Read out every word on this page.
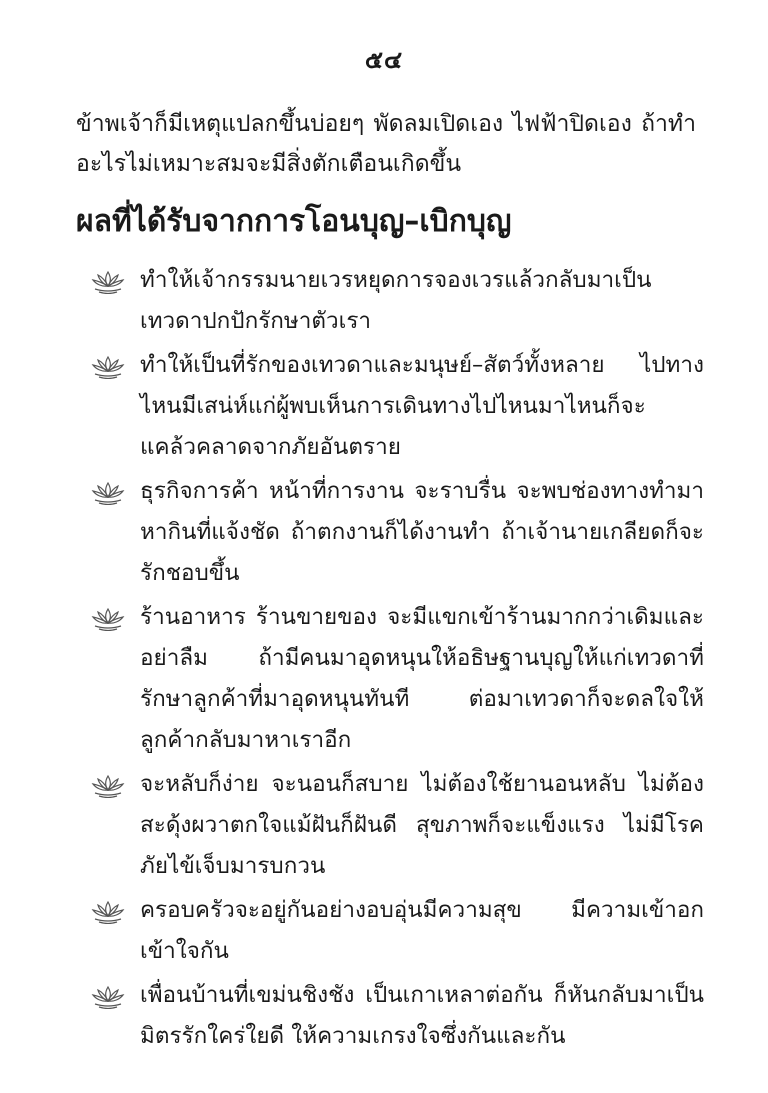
๕๔

ข้าพเจ้าก็มีเหตุแปลกขึ้นบ่อยๆ พัดลมเปิดเอง ไฟฟ้าปิดเอง ถ้าทำอะไรไม่เหมาะสมจะมีสิ่งตักเตือนเกิดขึ้น

ผลที่ได้รับจากการโอนบุญ–เบิกบุญ
ทำให้เจ้ากรรมนายเวรหยุดการจองเวรแล้วกลับมาเป็นเทวดาปกปักรักษาตัวเรา
ทำให้เป็นที่รักของเทวดาและมนุษย์–สัตว์ทั้งหลาย ไปทางไหนมีเสน่ห์แก่ผู้พบเห็นการเดินทางไปไหนมาไหนก็จะแคล้วคลาดจากภัยอันตราย
ธุรกิจการค้า หน้าที่การงาน จะราบรื่น จะพบช่องทางทำมาหากินที่แจ้งชัด ถ้าตกงานก็ได้งานทำ ถ้าเจ้านายเกลียดก็จะรักชอบขึ้น
ร้านอาหาร ร้านขายของ จะมีแขกเข้าร้านมากกว่าเดิมและอย่าลืม ถ้ามีคนมาอุดหนุนให้อธิษฐานบุญให้แก่เทวดาที่รักษาลูกค้าที่มาอุดหนุนทันที ต่อมาเทวดาก็จะดลใจให้ลูกค้ากลับมาหาเราอีก
จะหลับก็ง่าย จะนอนก็สบาย ไม่ต้องใช้ยานอนหลับ ไม่ต้องสะดุ้งผวาตกใจแม้ฝันก็ฝันดี สุขภาพก็จะแข็งแรง ไม่มีโรคภัยไข้เจ็บมารบกวน
ครอบครัวจะอยู่กันอย่างอบอุ่นมีความสุข มีความเข้าอกเข้าใจกัน
เพื่อนบ้านที่เขม่นชิงชัง เป็นเกาเหลาต่อกัน ก็หันกลับมาเป็นมิตรรักใคร่ใยดี ให้ความเกรงใจซึ่งกันและกัน
